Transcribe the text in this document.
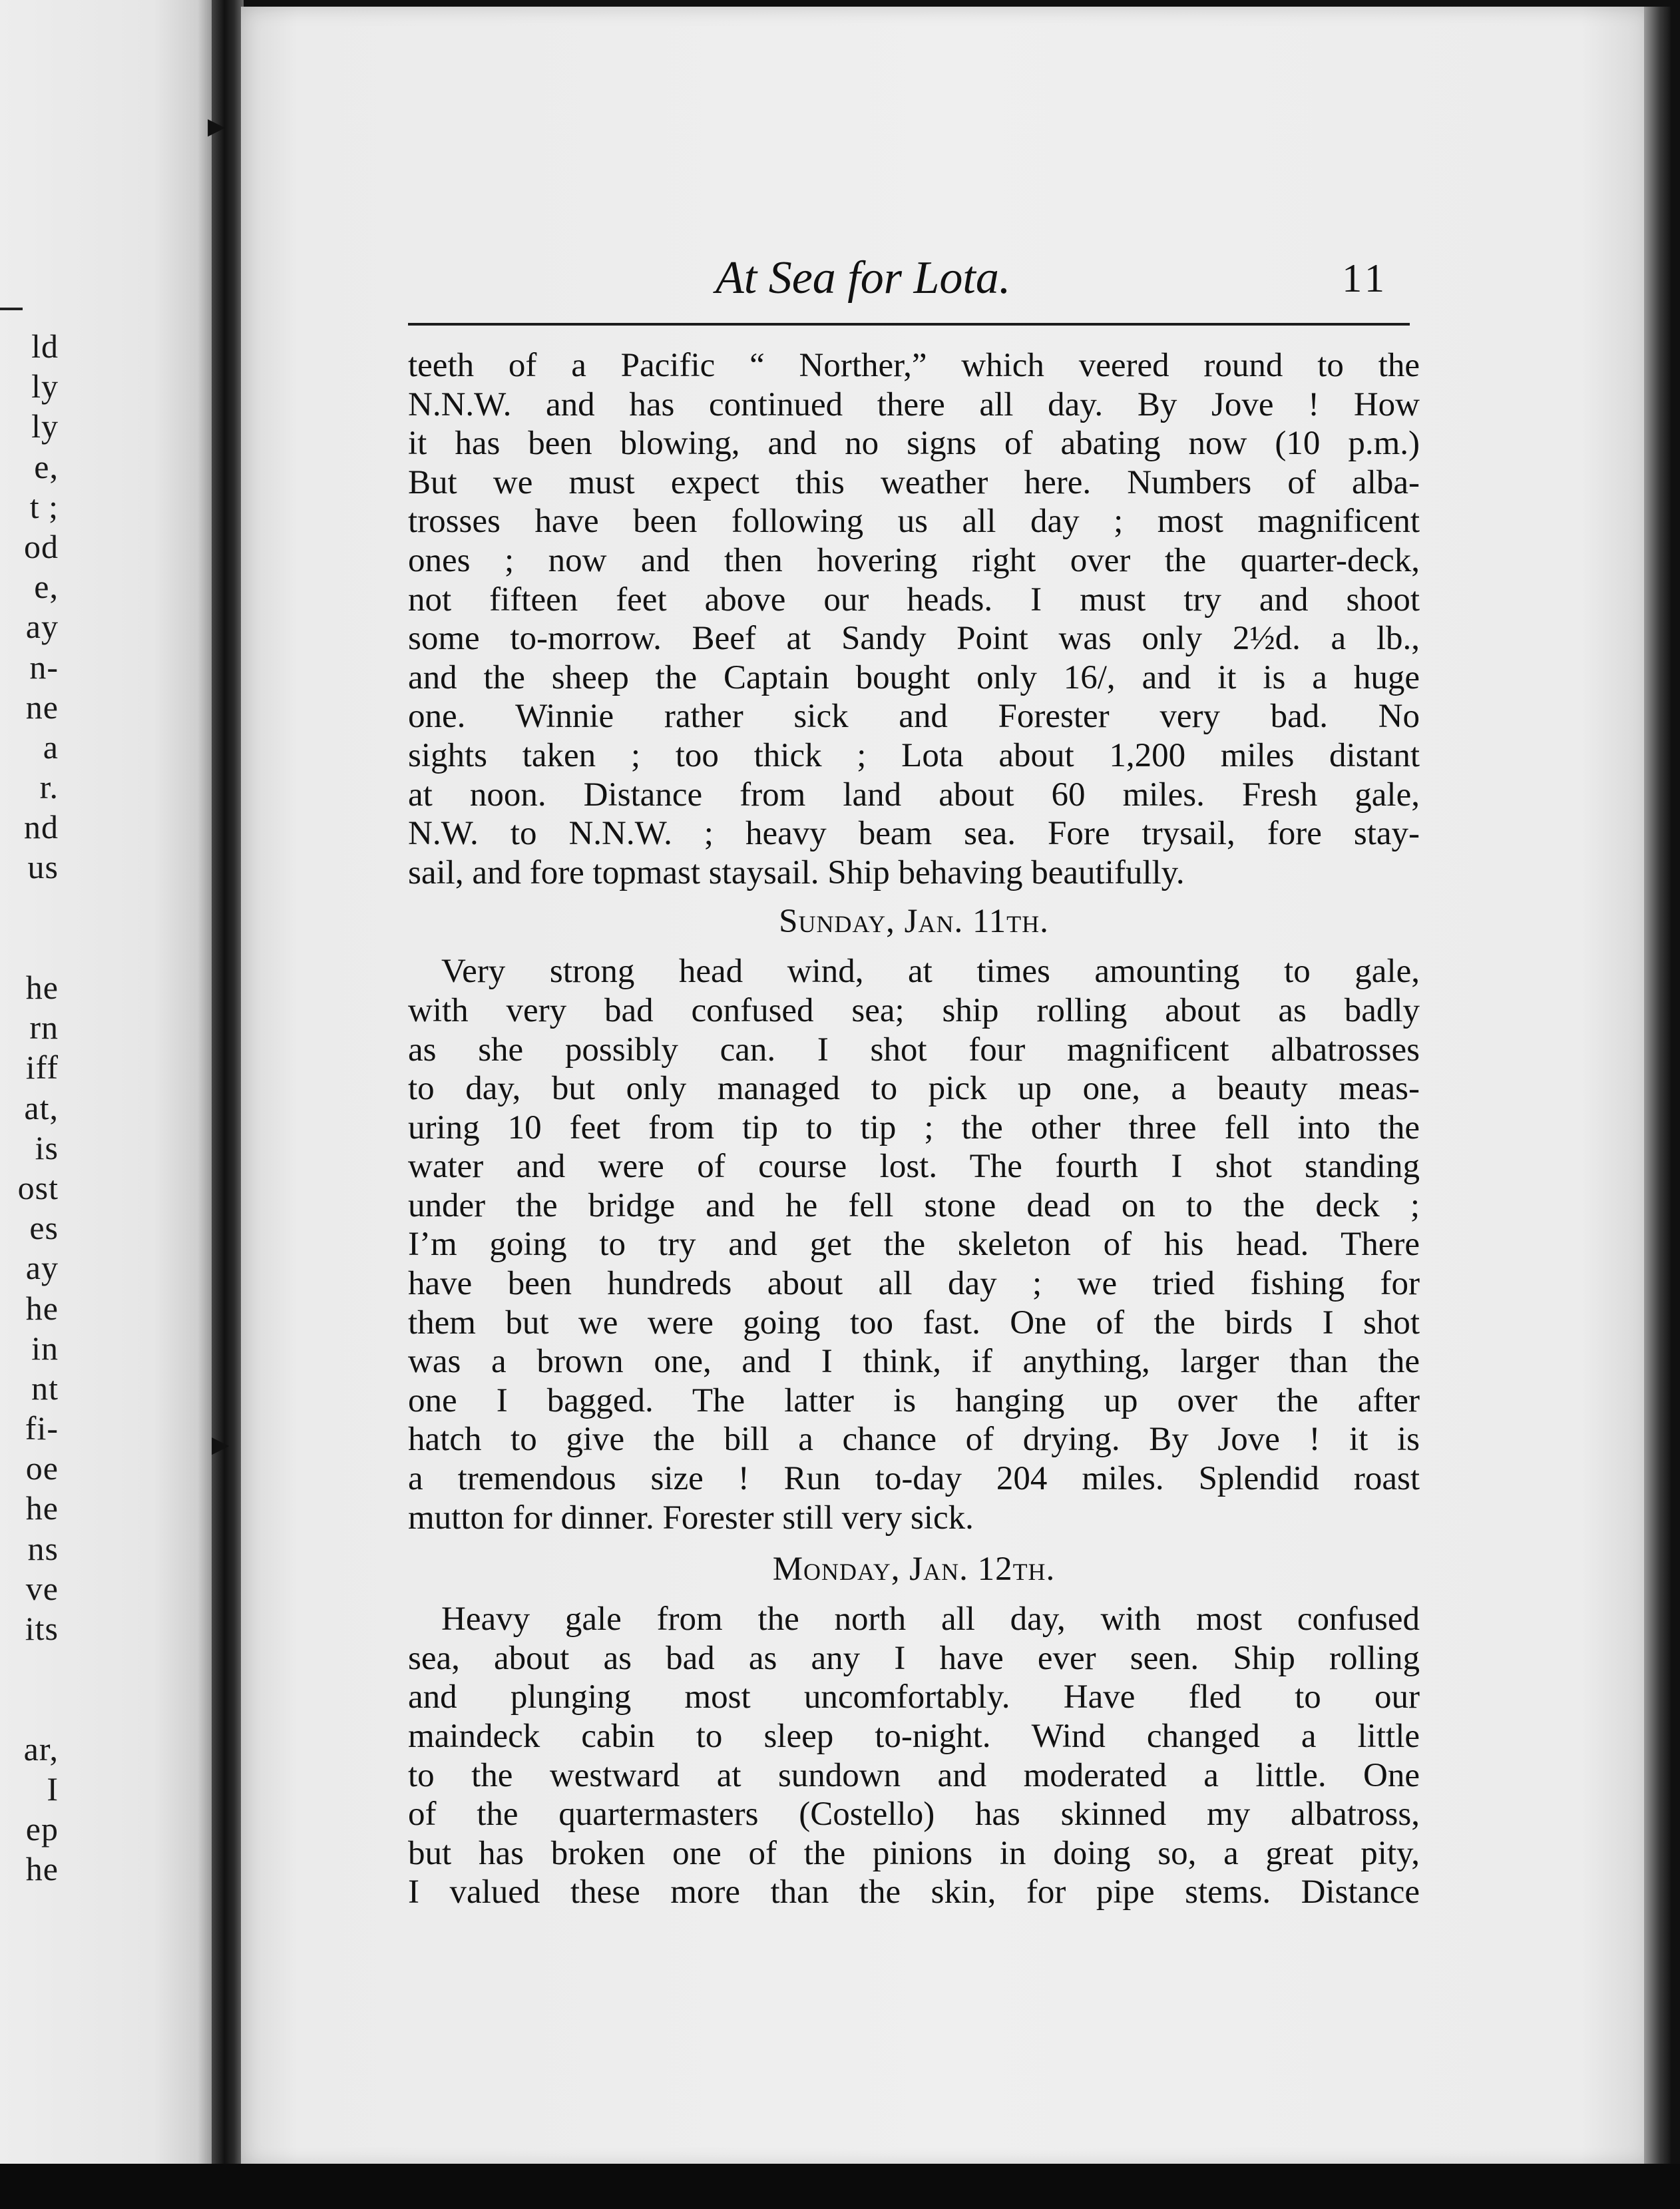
ld
ly
ly
e,
t ;
od
e,
ay
n-
ne
a
r.
nd
us
he
rn
iff
at,
is
ost
es
ay
he
in
nt
fi-
oe
he
ns
ve
its
ar,
I
ep
he
▶
▶
At Sea for Lota.	11
teeth of a Pacific “ Norther,” which veered round to the
N.N.W. and has continued there all day. By Jove ! How
it has been blowing, and no signs of abating now (10 p.m.)
But we must expect this weather here. Numbers of alba-
trosses have been following us all day ; most magnificent
ones ; now and then hovering right over the quarter-deck,
not fifteen feet above our heads. I must try and shoot
some to-morrow. Beef at Sandy Point was only 2½d. a lb.,
and the sheep the Captain bought only 16/, and it is a huge
one. Winnie rather sick and Forester very bad. No
sights taken ; too thick ; Lota about 1,200 miles distant
at noon. Distance from land about 60 miles. Fresh gale,
N.W. to N.N.W. ; heavy beam sea. Fore trysail, fore stay-
sail, and fore topmast staysail. Ship behaving beautifully.
Sunday, Jan. 11th.
Very strong head wind, at times amounting to gale,
with very bad confused sea; ship rolling about as badly
as she possibly can. I shot four magnificent albatrosses
to day, but only managed to pick up one, a beauty meas-
uring 10 feet from tip to tip ; the other three fell into the
water and were of course lost. The fourth I shot standing
under the bridge and he fell stone dead on to the deck ;
I’m going to try and get the skeleton of his head. There
have been hundreds about all day ; we tried fishing for
them but we were going too fast. One of the birds I shot
was a brown one, and I think, if anything, larger than the
one I bagged. The latter is hanging up over the after
hatch to give the bill a chance of drying. By Jove ! it is
a tremendous size ! Run to-day 204 miles. Splendid roast
mutton for dinner. Forester still very sick.
Monday, Jan. 12th.
Heavy gale from the north all day, with most confused
sea, about as bad as any I have ever seen. Ship rolling
and plunging most uncomfortably. Have fled to our
maindeck cabin to sleep to-night. Wind changed a little
to the westward at sundown and moderated a little. One
of the quartermasters (Costello) has skinned my albatross,
but has broken one of the pinions in doing so, a great pity,
I valued these more than the skin, for pipe stems. Distance
